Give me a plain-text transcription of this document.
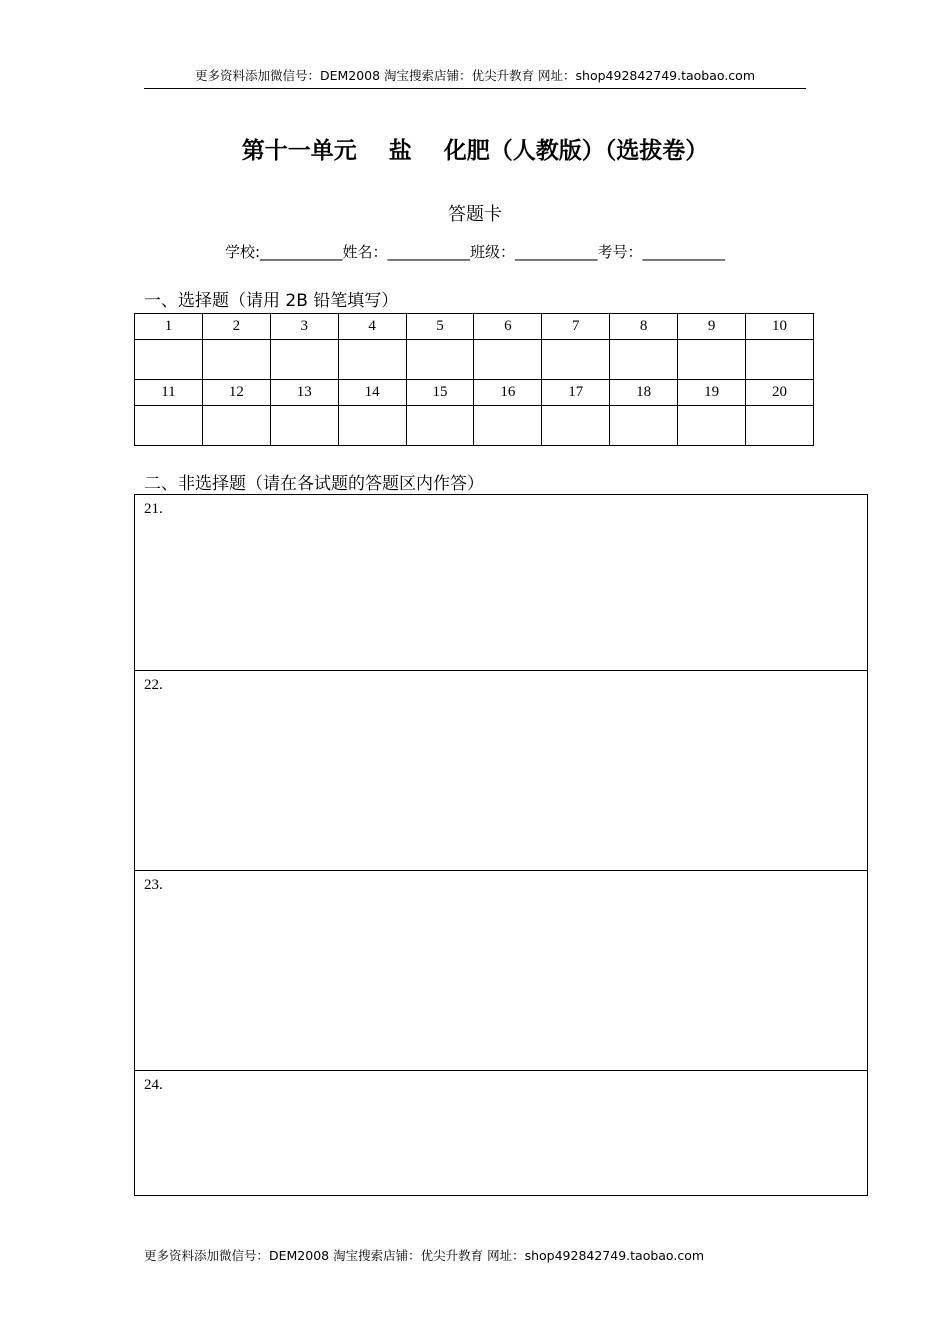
更多资料添加微信号：DEM2008 淘宝搜索店铺：优尖升教育 网址：shop492842749.taobao.com
第十一单元    盐    化肥（人教版）（选拔卷）
答题卡
学校:___________姓名：___________班级：___________考号：___________
一、选择题（请用 2B 铅笔填写）
1	2	3	4	5	6	7	8	9	10

11	12	13	14	15	16	17	18	19	20

二、非选择题（请在各试题的答题区内作答）
21.
22.
23.
24.
更多资料添加微信号：DEM2008 淘宝搜索店铺：优尖升教育 网址：shop492842749.taobao.com
